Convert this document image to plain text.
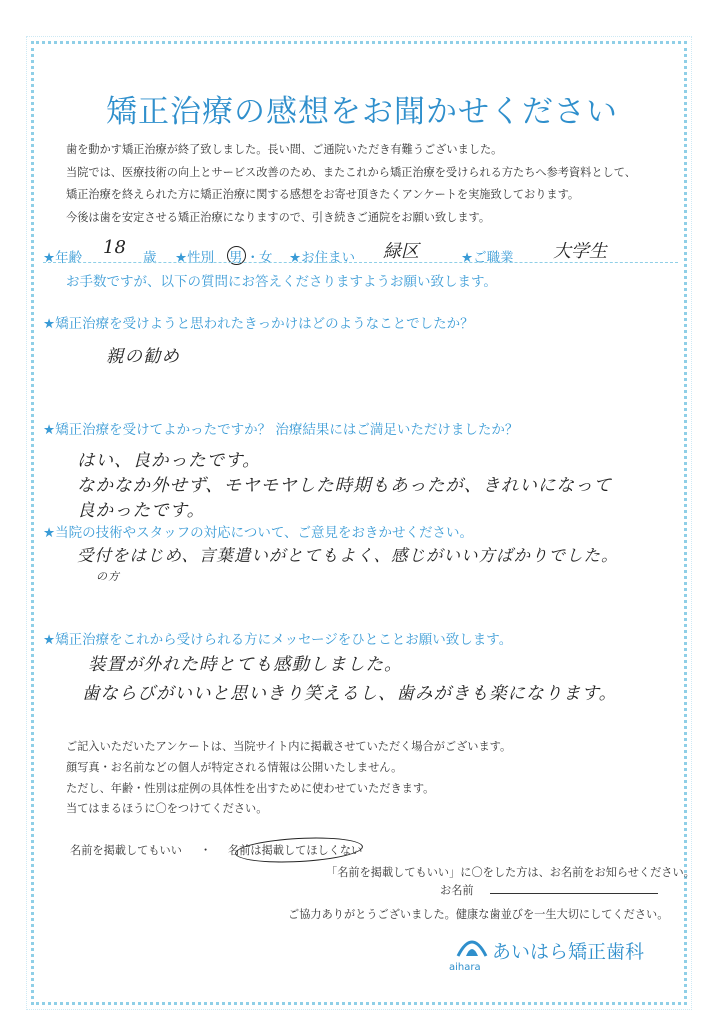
矯正治療の感想をお聞かせください
歯を動かす矯正治療が終了致しました。長い間、ご通院いただき有難うございました。
当院では、医療技術の向上とサービス改善のため、またこれから矯正治療を受けられる方たちへ参考資料として、
矯正治療を終えられた方に矯正治療に関する感想をお寄せ頂きたくアンケートを実施致しております。
今後は歯を安定させる矯正治療になりますので、引き続きご通院をお願い致します。
★年齢 18 歳 ★性別 男 ・ 女 ★お住まい 緑区	★ご職業 大学生
お手数ですが、以下の質問にお答えくださりますようお願い致します。
★矯正治療を受けようと思われたきっかけはどのようなことでしたか？
親の勧め
★矯正治療を受けてよかったですか？ 治療結果にはご満足いただけましたか？
はい、良かったです。
なかなか外せず、モヤモヤした時期もあったが、きれいになって
良かったです。
★当院の技術やスタッフの対応について、ご意見をおきかせください。
受付をはじめ、言葉遣いがとてもよく、感じがいい方ばかりでした。
の方
★矯正治療をこれから受けられる方にメッセージをひとことお願い致します。
装置が外れた時とても感動しました。
歯ならびがいいと思いきり笑えるし、歯みがきも楽になります。
ご記入いただいたアンケートは、当院サイト内に掲載させていただく場合がございます。
顔写真・お名前などの個人が特定される情報は公開いたしません。
ただし、年齢・性別は症例の具体性を出すために使わせていただきます。
当てはまるほうに〇をつけてください。
名前を掲載してもいい ・ 名前は掲載してほしくない
「名前を掲載してもいい」に〇をした方は、お名前をお知らせください。
お名前
ご協力ありがとうございました。健康な歯並びを一生大切にしてください。
aihara
あいはら矯正歯科
